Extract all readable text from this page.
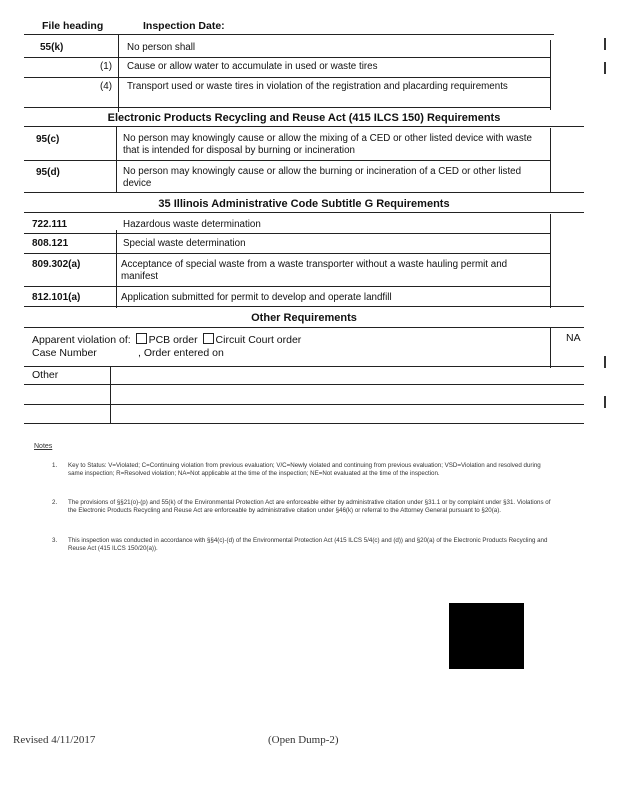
File heading	Inspection Date:
55(k)	No person shall
(1) Cause or allow water to accumulate in used or waste tires
(4) Transport used or waste tires in violation of the registration and placarding requirements
Electronic Products Recycling and Reuse Act (415 ILCS 150) Requirements
95(c)	No person may knowingly cause or allow the mixing of a CED or other listed device with waste that is intended for disposal by burning or incineration
95(d)	No person may knowingly cause or allow the burning or incineration of a CED or other listed device
35 Illinois Administrative Code Subtitle G Requirements
722.111	Hazardous waste determination
808.121	Special waste determination
809.302(a)	Acceptance of special waste from a waste transporter without a waste hauling permit and manifest
812.101(a)	Application submitted for permit to develop and operate landfill
Other Requirements
Apparent violation of: PCB order Circuit Court order	NA
Case Number	, Order entered on
Other
Notes
1. Key to Status: V=Violated; C=Continuing violation from previous evaluation; V/C=Newly violated and continuing from previous evaluation; VSD=Violation and resolved during same inspection; R=Resolved violation; NA=Not applicable at the time of the inspection; NE=Not evaluated at the time of the inspection.
2. The provisions of §§21(o)-(p) and 55(k) of the Environmental Protection Act are enforceable either by administrative citation under §31.1 or by complaint under §31. Violations of the Electronic Products Recycling and Reuse Act are enforceable by administrative citation under §46(k) or referral to the Attorney General pursuant to §20(a).
3. This inspection was conducted in accordance with §§4(c)-(d) of the Environmental Protection Act (415 ILCS 5/4(c) and (d)) and §20(a) of the Electronic Products Recycling and Reuse Act (415 ILCS 150/20(a)).
Revised 4/11/2017	(Open Dump-2)
